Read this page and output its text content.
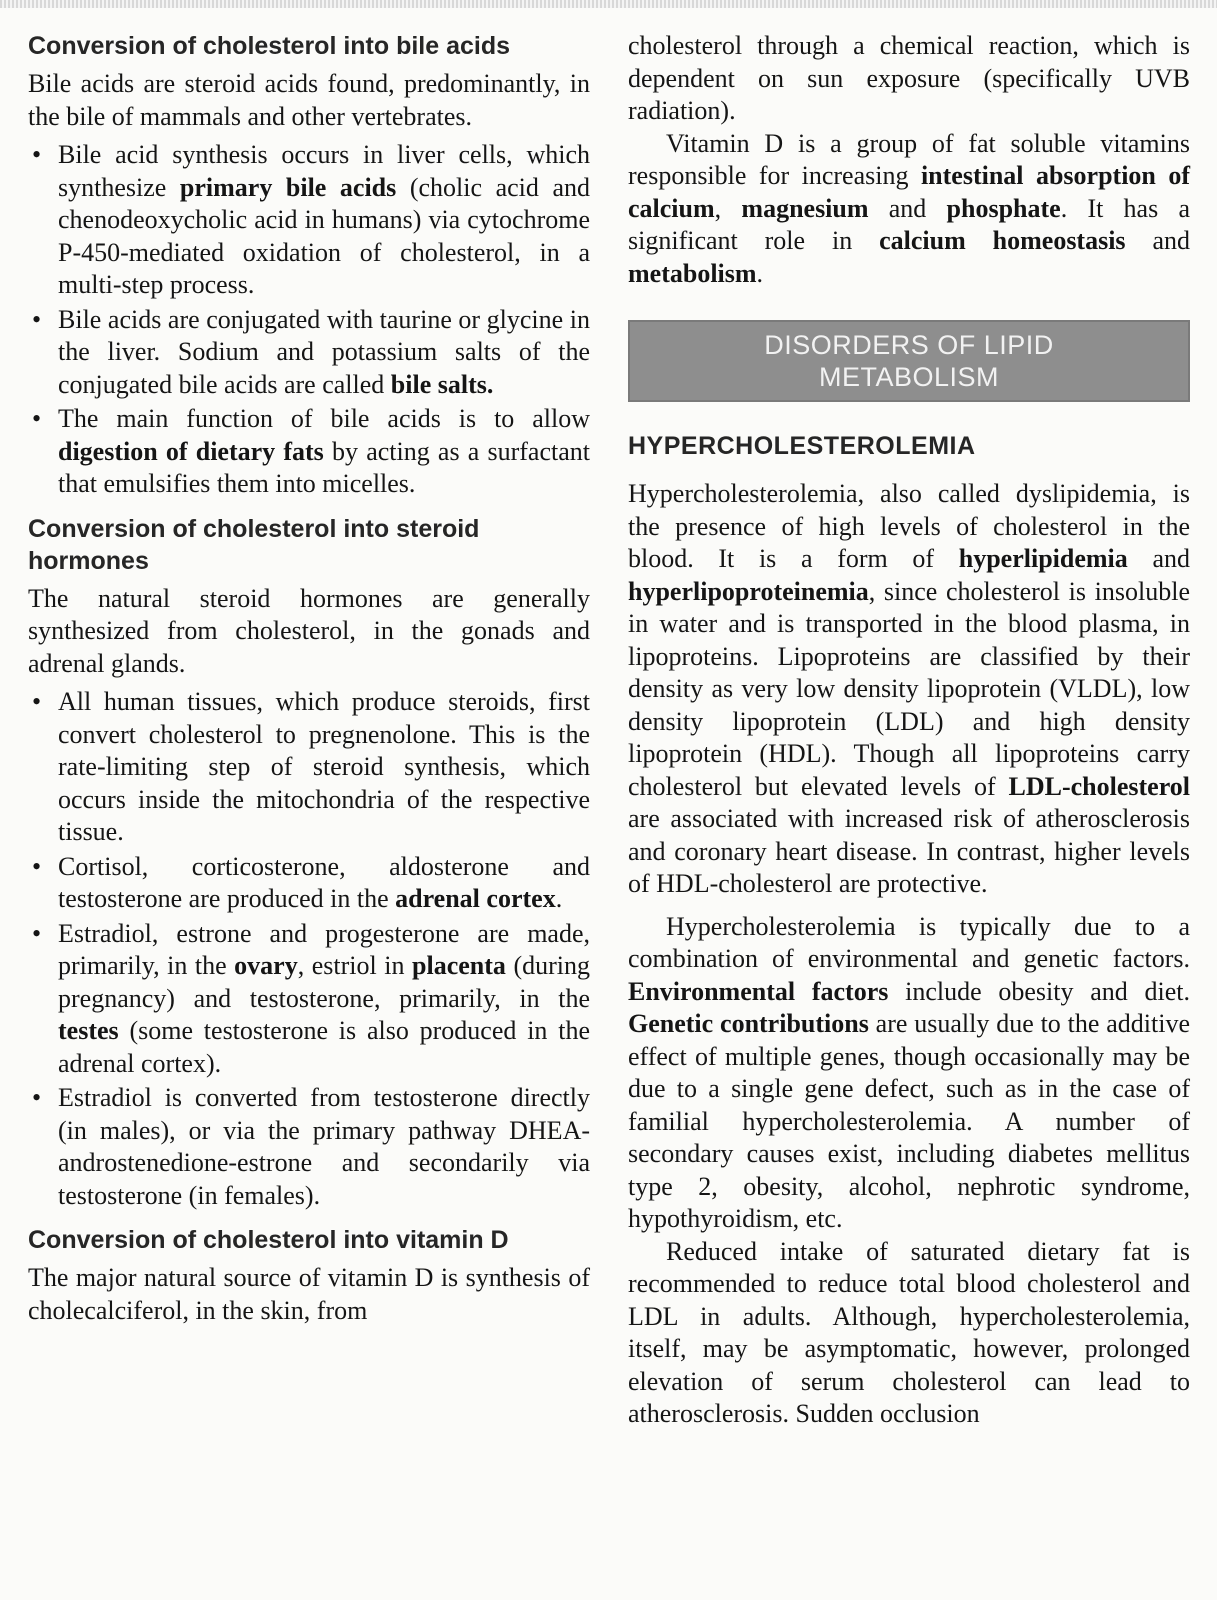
Conversion of cholesterol into bile acids

Bile acids are steroid acids found, predominantly, in the bile of mammals and other vertebrates.

• Bile acid synthesis occurs in liver cells, which synthesize primary bile acids (cholic acid and chenodeoxycholic acid in humans) via cytochrome P-450-mediated oxidation of cholesterol, in a multi-step process.
• Bile acids are conjugated with taurine or glycine in the liver. Sodium and potassium salts of the conjugated bile acids are called bile salts.
• The main function of bile acids is to allow digestion of dietary fats by acting as a surfactant that emulsifies them into micelles.
Conversion of cholesterol into steroid hormones

The natural steroid hormones are generally synthesized from cholesterol, in the gonads and adrenal glands.

• All human tissues, which produce steroids, first convert cholesterol to pregnenolone. This is the rate-limiting step of steroid synthesis, which occurs inside the mitochondria of the respective tissue.
• Cortisol, corticosterone, aldosterone and testosterone are produced in the adrenal cortex.
• Estradiol, estrone and progesterone are made, primarily, in the ovary, estriol in placenta (during pregnancy) and testosterone, primarily, in the testes (some testosterone is also produced in the adrenal cortex).
• Estradiol is converted from testosterone directly (in males), or via the primary pathway DHEA-androstenedione-estrone and secondarily via testosterone (in females).
Conversion of cholesterol into vitamin D

The major natural source of vitamin D is synthesis of cholecalciferol, in the skin, from

cholesterol through a chemical reaction, which is dependent on sun exposure (specifically UVB radiation).

Vitamin D is a group of fat soluble vitamins responsible for increasing intestinal absorption of calcium, magnesium and phosphate. It has a significant role in calcium homeostasis and metabolism.

DISORDERS OF LIPID
METABOLISM
HYPERCHOLESTEROLEMIA

Hypercholesterolemia, also called dyslipidemia, is the presence of high levels of cholesterol in the blood. It is a form of hyperlipidemia and hyperlipoproteinemia, since cholesterol is insoluble in water and is transported in the blood plasma, in lipoproteins. Lipoproteins are classified by their density as very low density lipoprotein (VLDL), low density lipoprotein (LDL) and high density lipoprotein (HDL). Though all lipoproteins carry cholesterol but elevated levels of LDL-cholesterol are associated with increased risk of atherosclerosis and coronary heart disease. In contrast, higher levels of HDL-cholesterol are protective.

Hypercholesterolemia is typically due to a combination of environmental and genetic factors. Environmental factors include obesity and diet. Genetic contributions are usually due to the additive effect of multiple genes, though occasionally may be due to a single gene defect, such as in the case of familial hypercholesterolemia. A number of secondary causes exist, including diabetes mellitus type 2, obesity, alcohol, nephrotic syndrome, hypothyroidism, etc.

Reduced intake of saturated dietary fat is recommended to reduce total blood cholesterol and LDL in adults. Although, hypercholesterolemia, itself, may be asymptomatic, however, prolonged elevation of serum cholesterol can lead to atherosclerosis. Sudden occlusion
